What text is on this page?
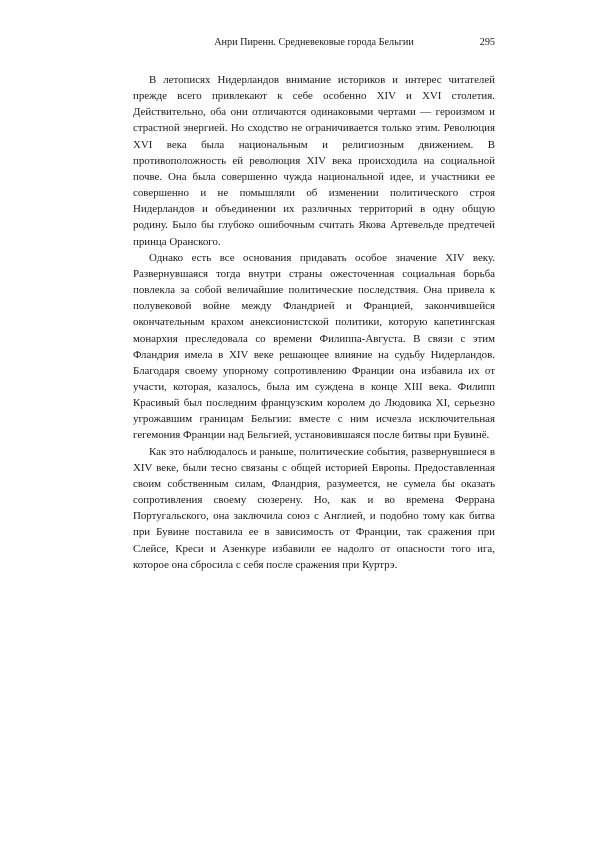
Анри Пиренн. Средневековые города Бельгии	295

В летописях Нидерландов внимание историков и интерес читателей прежде всего привлекают к себе особенно XIV и XVI столетия. Действительно, оба они отличаются одинаковыми чертами — героизмом и страстной энергией. Но сходство не ограничивается только этим. Революция XVI века была национальным и религиозным движением. В противоположность ей революция XIV века происходила на социальной почве. Она была совершенно чужда национальной идее, и участники ее совершенно и не помышляли об изменении политического строя Нидерландов и объединении их различных территорий в одну общую родину. Было бы глубоко ошибочным считать Якова Артевельде предтечей принца Оранского.

Однако есть все основания придавать особое значение XIV веку. Развернувшаяся тогда внутри страны ожесточенная социальная борьба повлекла за собой величайшие политические последствия. Она привела к полувековой войне между Фландрией и Францией, закончившейся окончательным крахом анексионистской политики, которую капетингская монархия преследовала со времени Филиппа-Августа. В связи с этим Фландрия имела в XIV веке решающее влияние на судьбу Нидерландов. Благодаря своему упорному сопротивлению Франции она избавила их от участи, которая, казалось, была им суждена в конце XIII века. Филипп Красивый был последним французским королем до Людовика XI, серьезно угрожавшим границам Бельгии: вместе с ним исчезла исключительная гегемония Франции над Бельгией, установившаяся после битвы при Бувинё.

Как это наблюдалось и раньше, политические события, развернувшиеся в XIV веке, были тесно связаны с общей историей Европы. Предоставленная своим собственным силам, Фландрия, разумеется, не сумела бы оказать сопротивления своему сюзерену. Но, как и во времена Феррана Португальского, она заключила союз с Англией, и подобно тому как битва при Бувине поставила ее в зависимость от Франции, так сражения при Слейсе, Креси и Азенкуре избавили ее надолго от опасности того ига, которое она сбросила с себя после сражения при Куртрэ.
